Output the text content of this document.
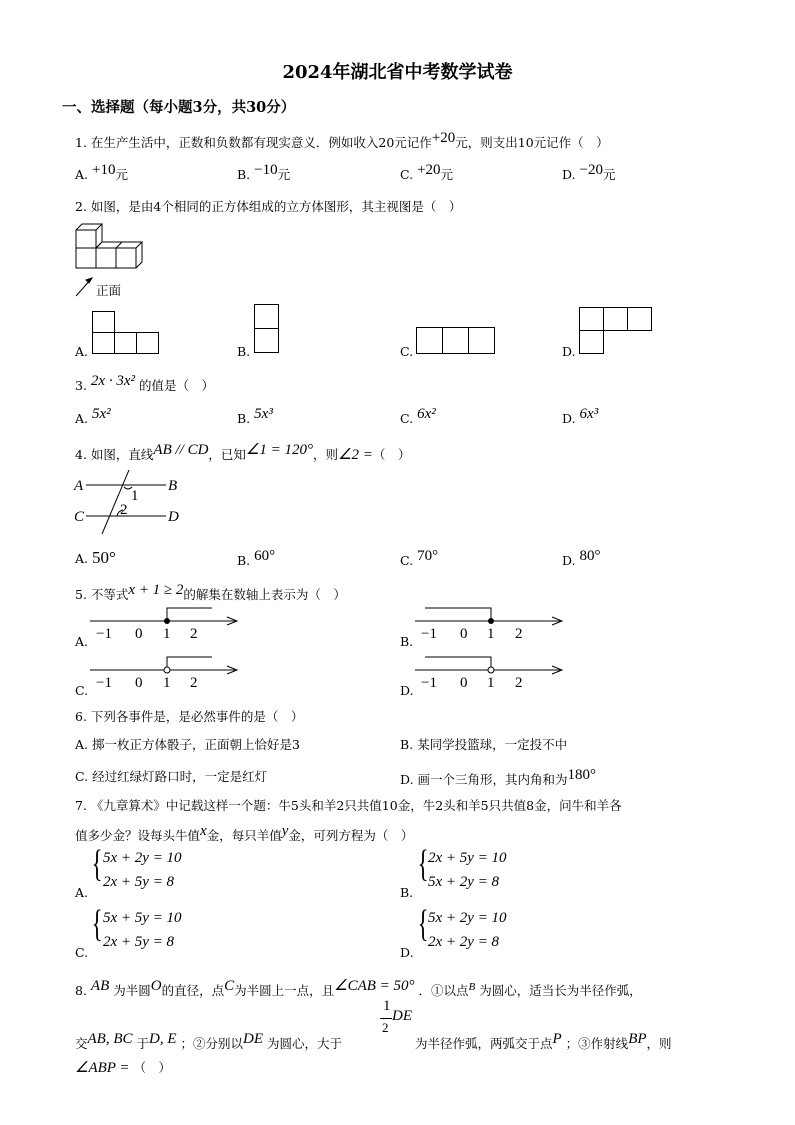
2024年湖北省中考数学试卷
一、选择题（每小题3分，共30分）
1. 在生产生活中，正数和负数都有现实意义．例如收入20元记作$^{+20}$元，则支出10元记作（　）
A. $^{+10}$元	B. $^{-10}$元	C. $^{+20}$元	D. $^{-20}$元
2. 如图，是由4个相同的正方体组成的立方体图形，其主视图是（　）
正面
A.	B.	C.	D.
3. $^{2x \cdot 3x^2}$ 的值是（　）
A. $^{5x^2}$	B. $^{5x^3}$	C. $^{6x^2}$	D. $^{6x^3}$
4. 如图，直线$^{AB // CD}$，已知$^{\angle 1 = 120^\circ}$，则∠2 =（　）
A	B
C	D
1
2
A. 50°	B. $^{60^\circ}$	C. $^{70^\circ}$	D. $^{80^\circ}$
5. 不等式$^{x + 1 \ge 2}$的解集在数轴上表示为（　）
A.	B.
C.	D.
−1 0 1 2	−1 0 1 2
−1 0 1 2	−1 0 1 2
6. 下列各事件是，是必然事件的是（　）
A. 掷一枚正方体骰子，正面朝上恰好是3	B. 某同学投篮球，一定投不中
C. 经过红绿灯路口时，一定是红灯	D. 画一个三角形，其内角和为$^{180^\circ}$
7. 《九章算术》中记载这样一个题：牛5头和羊2只共值10金，牛2头和羊5只共值8金，问牛和羊各
值多少金？设每头牛值$^x$金，每只羊值$^y$金，可列方程为（　）
A.
{ 5x + 2y = 10
2x + 5y = 8
B.
{ 2x + 5y = 10
5x + 2y = 8
C.
{ 5x + 5y = 10
2x + 5y = 8
D.
{ 5x + 2y = 10
2x + 2y = 8
8. $^{AB}$ 为半圆$^O$的直径，点$^C$为半圆上一点，且$^{\angle CAB = 50^\circ}$ ．①以点$^B$ 为圆心，适当长为半径作弧，
交$^{AB, BC}$ 于$^{D, E}$ ；②分别以$^{DE}$ 为圆心，大于
1
2
DE
为半径作弧，两弧交于点$^P$ ；③作射线$^{BP}$，则
∠ABP = （　）
